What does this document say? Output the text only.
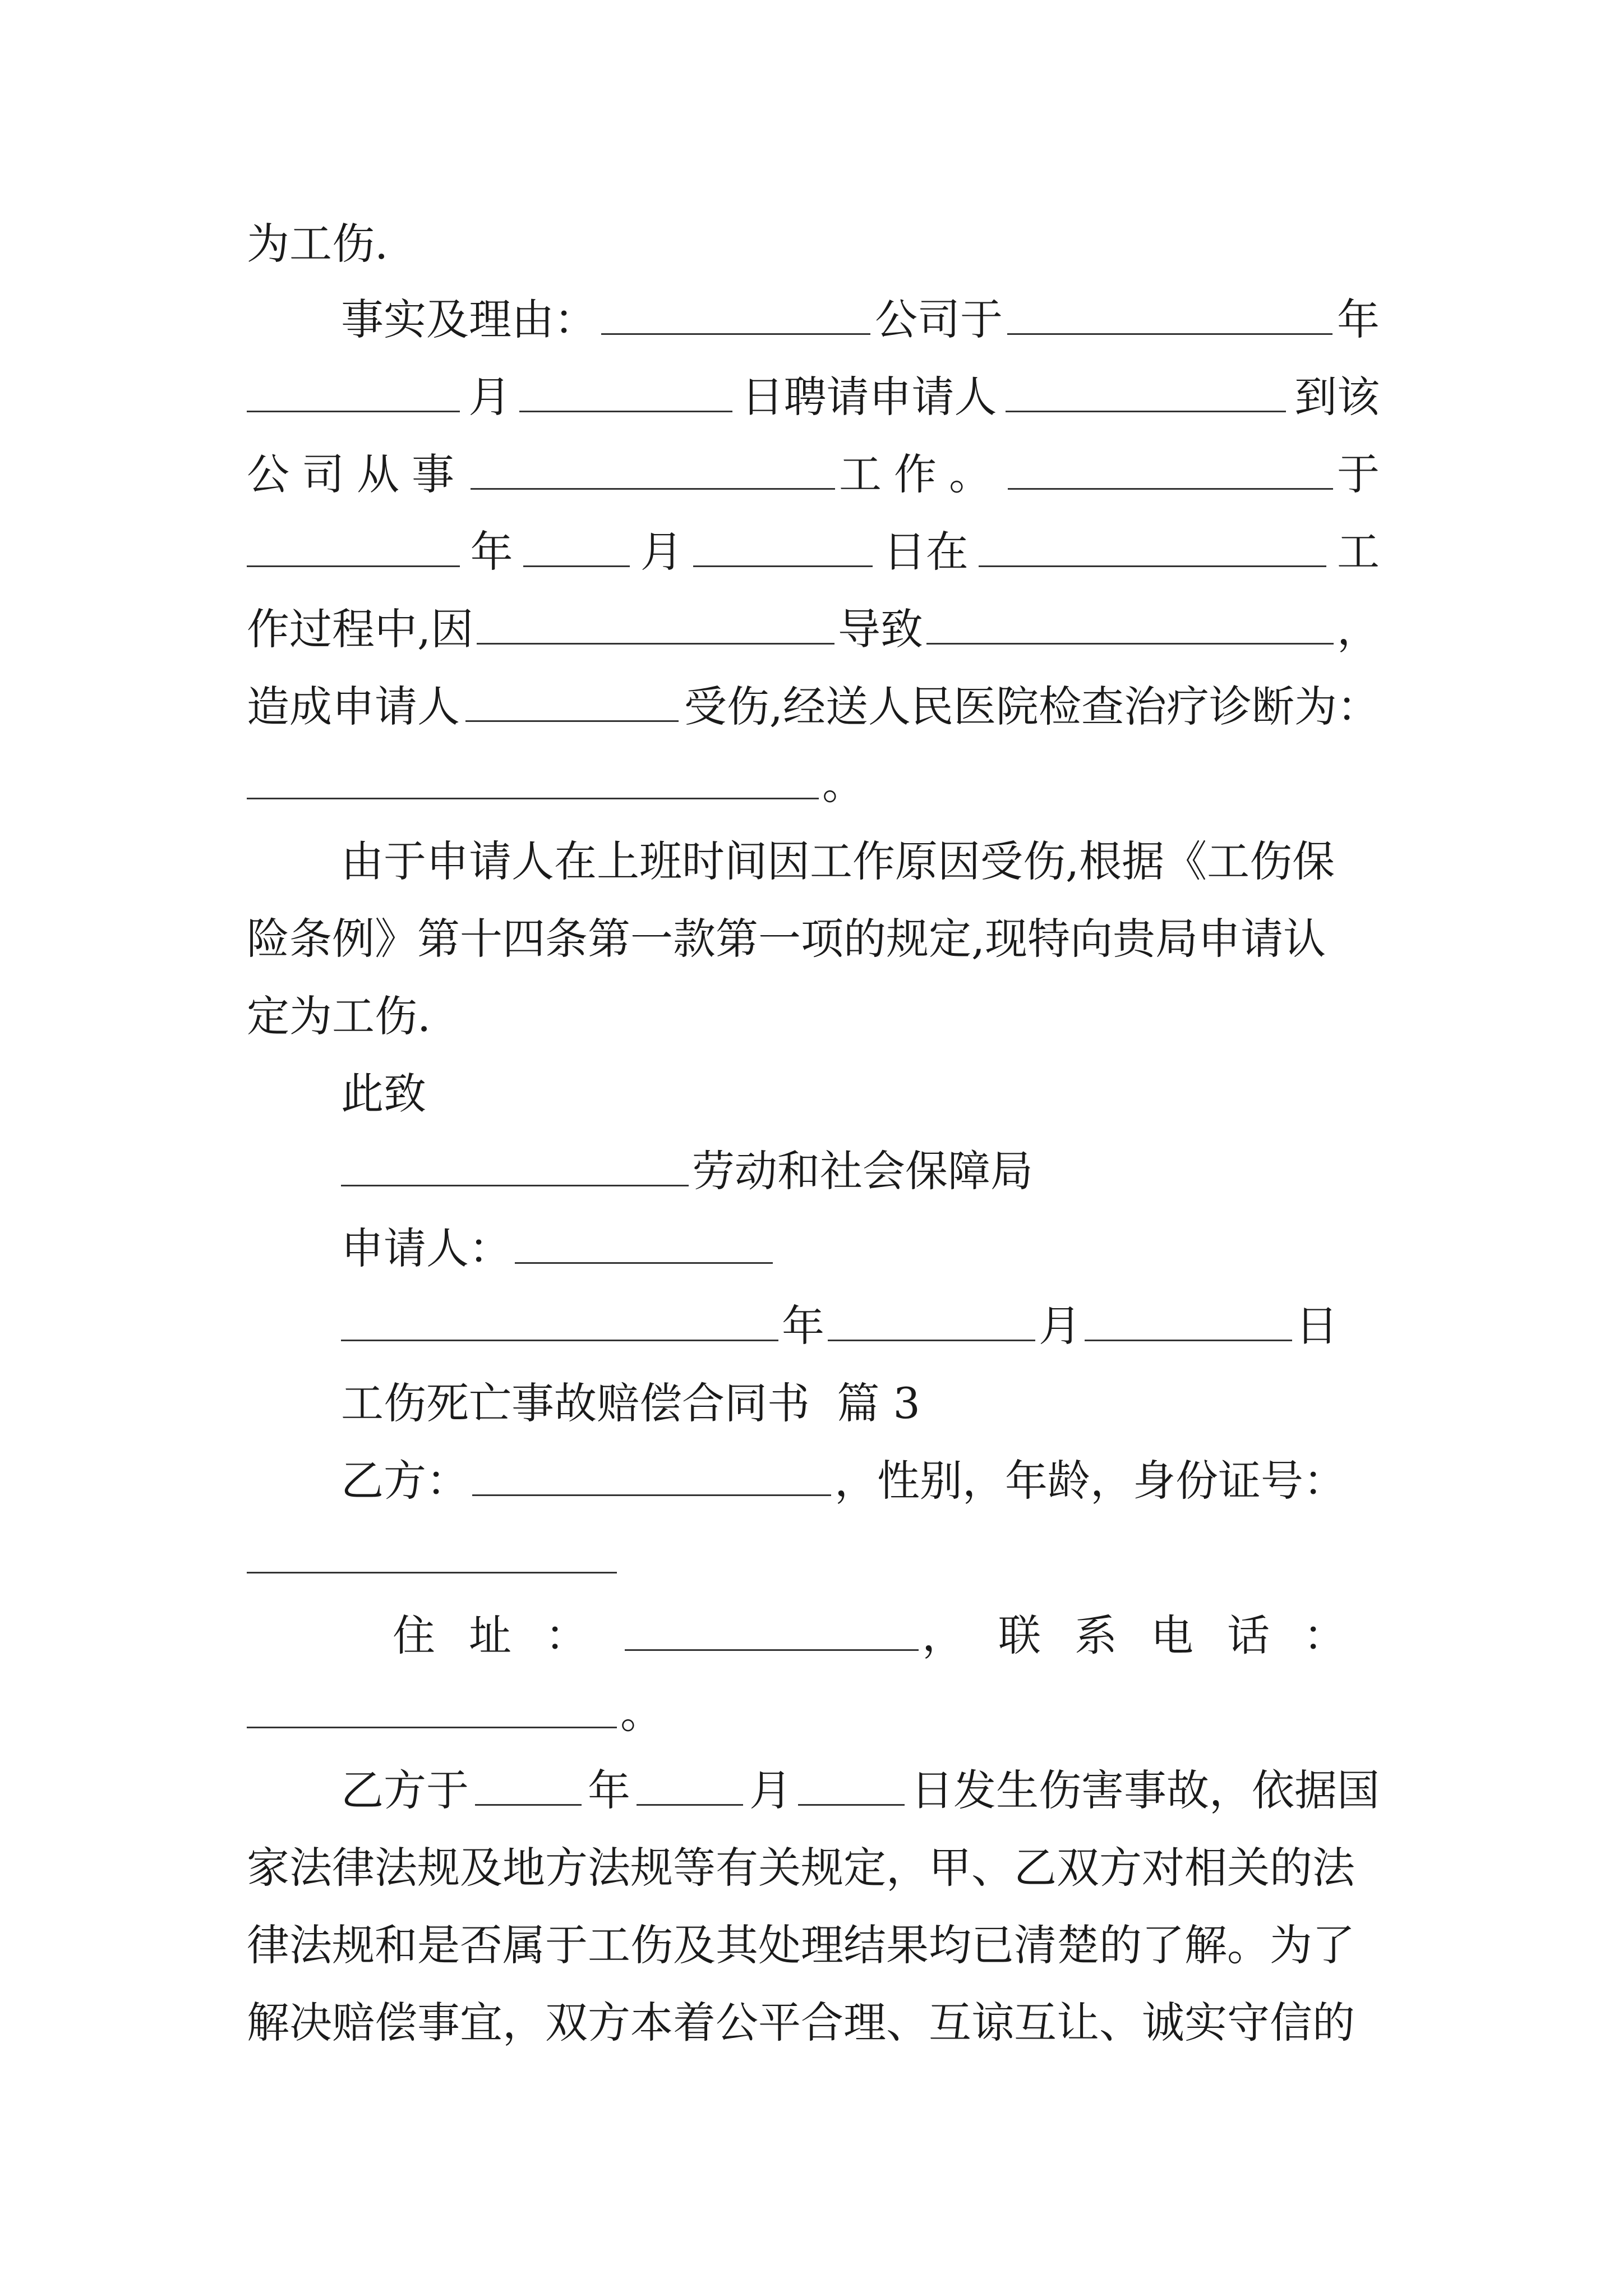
为工伤.
事实及理由：	公司于	年
月	日聘请申请人	到该
公司从事	工作。	于
年	月	日在	工
作过程中,因	导致	，
造成申请人	受伤,经送人民医院检查治疗诊断为：
。
由于申请人在上班时间因工作原因受伤,根据《工伤保
险条例》第十四条第一款第一项的规定,现特向贵局申请认
定为工伤.
此致
劳动和社会保障局
申请人：
年	月	日
工伤死亡事故赔偿合同书  篇 3
乙方：	，性别，年龄，身份证号：
住址：	，联系电话：
。
乙方于	年	月	日发生伤害事故，依据国
家法律法规及地方法规等有关规定，甲、乙双方对相关的法
律法规和是否属于工伤及其处理结果均已清楚的了解。为了
解决赔偿事宜，双方本着公平合理、互谅互让、诚实守信的
